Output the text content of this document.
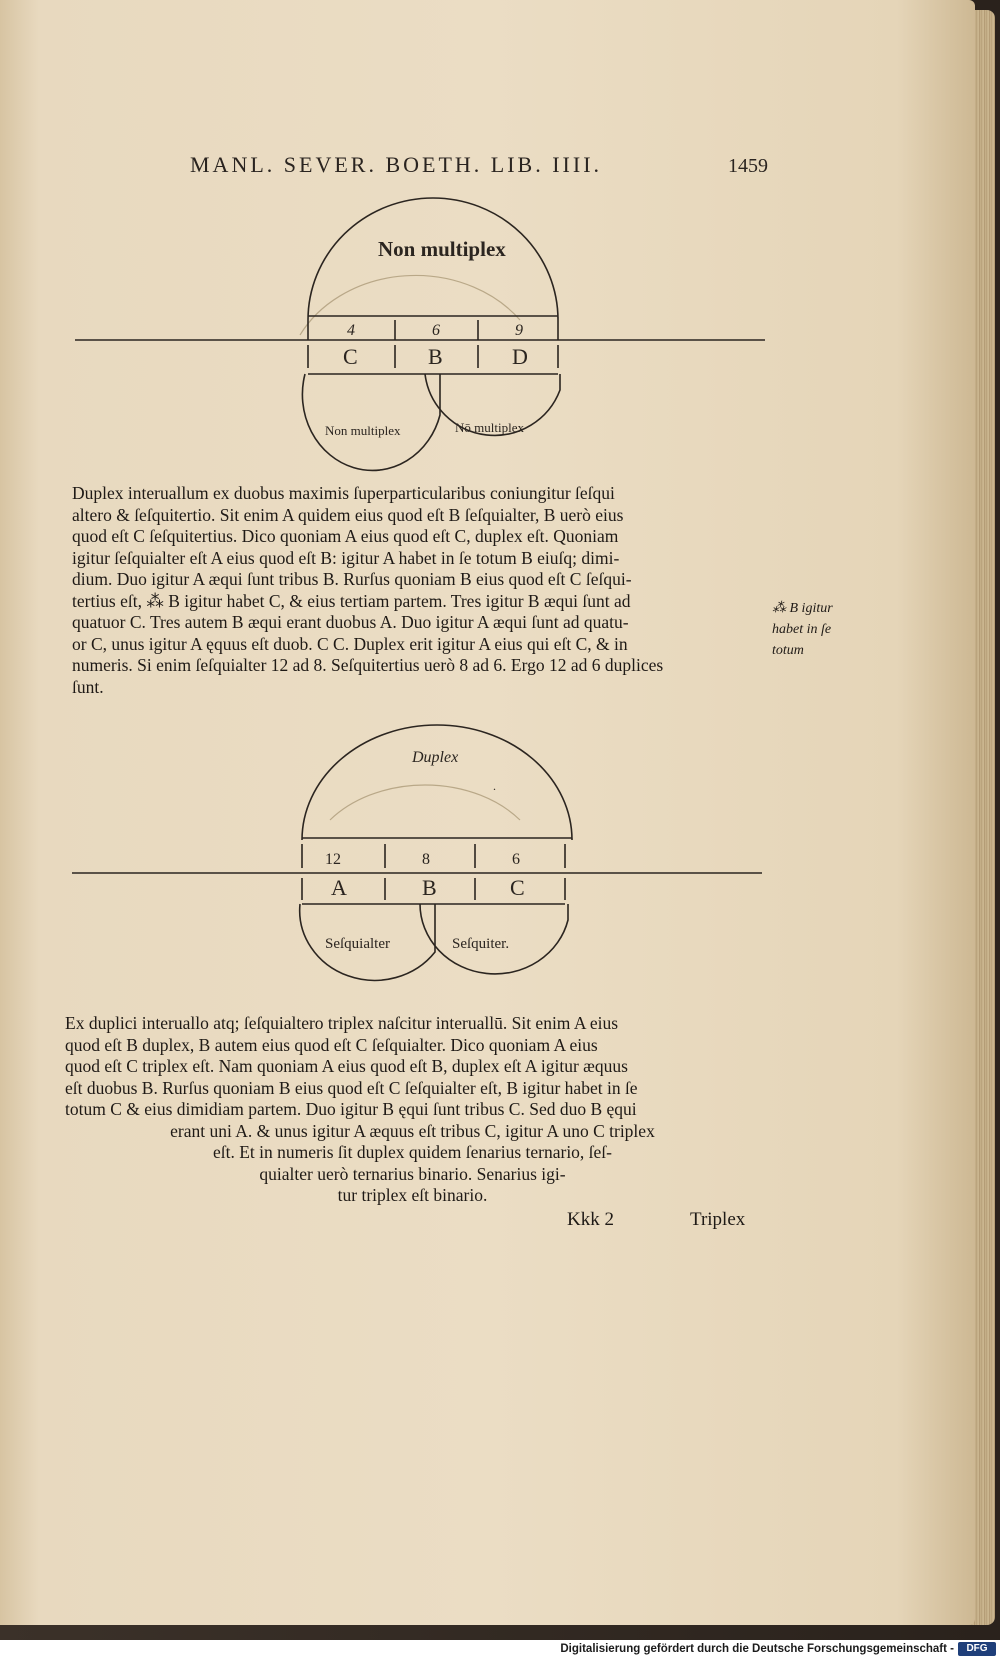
MANL. SEVER. BOETH. LIB. IIII.	1459
Non multiplex
4	6	9
C	B	D
Non multiplex	Nō multiplex
Duplex interuallum ex duobus maximis ſuperparticularibus coniungitur ſeſqui
altero & ſeſquitertio. Sit enim A quidem eius quod eſt B ſeſquialter, B uerò eius
quod eſt C ſeſquitertius. Dico quoniam A eius quod eſt C, duplex eſt. Quoniam
igitur ſeſquialter eſt A eius quod eſt B: igitur A habet in ſe totum B eiuſq; dimi-
dium. Duo igitur A æqui ſunt tribus B. Rurſus quoniam B eius quod eſt C ſeſqui-
tertius eſt, ⁂ B igitur habet C, & eius tertiam partem. Tres igitur B æqui ſunt ad
quatuor C. Tres autem B æqui erant duobus A. Duo igitur A æqui ſunt ad quatu-
or C, unus igitur A ęquus eſt duob. C C. Duplex erit igitur A eius qui eſt C, & in
numeris. Si enim ſeſquialter 12 ad 8. Seſquitertius uerò 8 ad 6. Ergo 12 ad 6 duplices
ſunt.
⁂ B igitur
habet in ſe
totum
Duplex
.
12	8	6
A	B	C
Seſquialter	Seſquiter.
Ex duplici interuallo atq; ſeſquialtero triplex naſcitur interuallū. Sit enim A eius
quod eſt B duplex, B autem eius quod eſt C ſeſquialter. Dico quoniam A eius
quod eſt C triplex eſt. Nam quoniam A eius quod eſt B, duplex eſt A igitur æquus
eſt duobus B. Rurſus quoniam B eius quod eſt C ſeſquialter eſt, B igitur habet in ſe
totum C & eius dimidiam partem. Duo igitur B ęqui ſunt tribus C. Sed duo B ęqui
erant uni A. & unus igitur A æquus eſt tribus C, igitur A uno C triplex
eſt. Et in numeris ſit duplex quidem ſenarius ternario, ſeſ-
quialter uerò ternarius binario. Senarius igi-
tur triplex eſt binario.
Kkk 2	Triplex
Digitalisierung gefördert durch die Deutsche Forschungsgemeinschaft -	DFG
